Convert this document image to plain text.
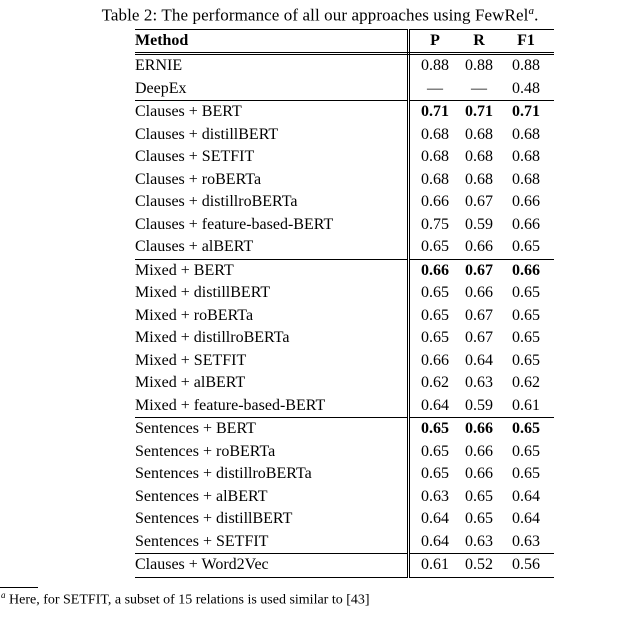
Table 2: The performance of all our approaches using FewRel$^a$.
Method	P	R	F1
ERNIE	0.88	0.88	0.88
DeepEx	—	—	0.48
Clauses + BERT	0.71	0.71	0.71
Clauses + distillBERT	0.68	0.68	0.68
Clauses + SETFIT	0.68	0.68	0.68
Clauses + roBERTa	0.68	0.68	0.68
Clauses + distillroBERTa	0.66	0.67	0.66
Clauses + feature-based-BERT	0.75	0.59	0.66
Clauses + alBERT	0.65	0.66	0.65
Mixed + BERT	0.66	0.67	0.66
Mixed + distillBERT	0.65	0.66	0.65
Mixed + roBERTa	0.65	0.67	0.65
Mixed + distillroBERTa	0.65	0.67	0.65
Mixed + SETFIT	0.66	0.64	0.65
Mixed + alBERT	0.62	0.63	0.62
Mixed + feature-based-BERT	0.64	0.59	0.61
Sentences + BERT	0.65	0.66	0.65
Sentences + roBERTa	0.65	0.66	0.65
Sentences + distillroBERTa	0.65	0.66	0.65
Sentences + alBERT	0.63	0.65	0.64
Sentences + distillBERT	0.64	0.65	0.64
Sentences + SETFIT	0.64	0.63	0.63
Clauses + Word2Vec	0.61	0.52	0.56
$^a$ Here, for SETFIT, a subset of 15 relations is used similar to [43]
